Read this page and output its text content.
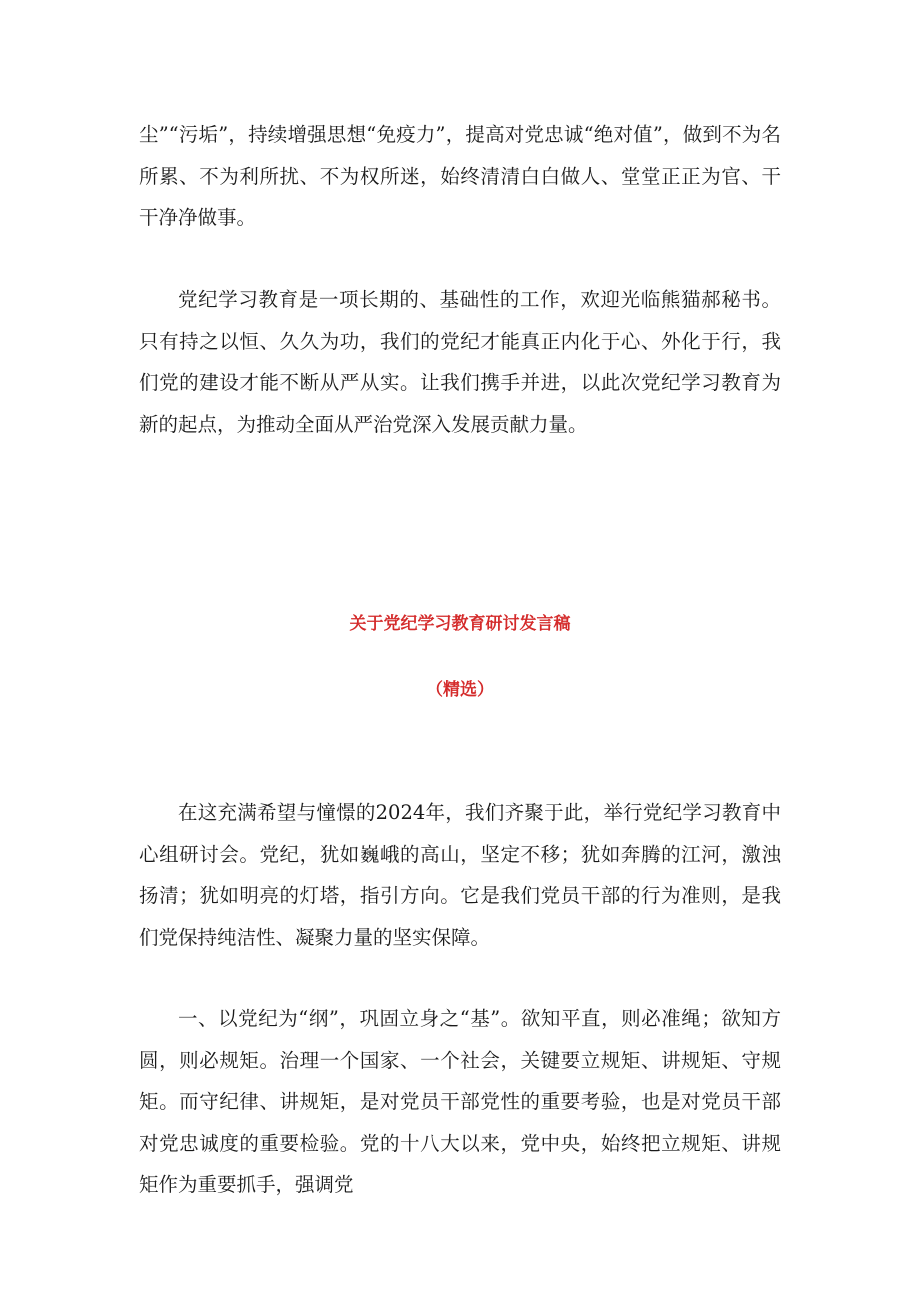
尘”“污垢”，持续增强思想“免疫力”，提高对党忠诚“绝对值”，做到不为名所累、不为利所扰、不为权所迷，始终清清白白做人、堂堂正正为官、干干净净做事。

党纪学习教育是一项长期的、基础性的工作，欢迎光临熊猫郝秘书。只有持之以恒、久久为功，我们的党纪才能真正内化于心、外化于行，我们党的建设才能不断从严从实。让我们携手并进，以此次党纪学习教育为新的起点，为推动全面从严治党深入发展贡献力量。

关于党纪学习教育研讨发言稿
（精选）

在这充满希望与憧憬的2024年，我们齐聚于此，举行党纪学习教育中心组研讨会。党纪，犹如巍峨的高山，坚定不移；犹如奔腾的江河，激浊扬清；犹如明亮的灯塔，指引方向。它是我们党员干部的行为准则，是我们党保持纯洁性、凝聚力量的坚实保障。

一、以党纪为“纲”，巩固立身之“基”。欲知平直，则必准绳；欲知方圆，则必规矩。治理一个国家、一个社会，关键要立规矩、讲规矩、守规矩。而守纪律、讲规矩，是对党员干部党性的重要考验，也是对党员干部对党忠诚度的重要检验。党的十八大以来，党中央，始终把立规矩、讲规矩作为重要抓手，强调党
